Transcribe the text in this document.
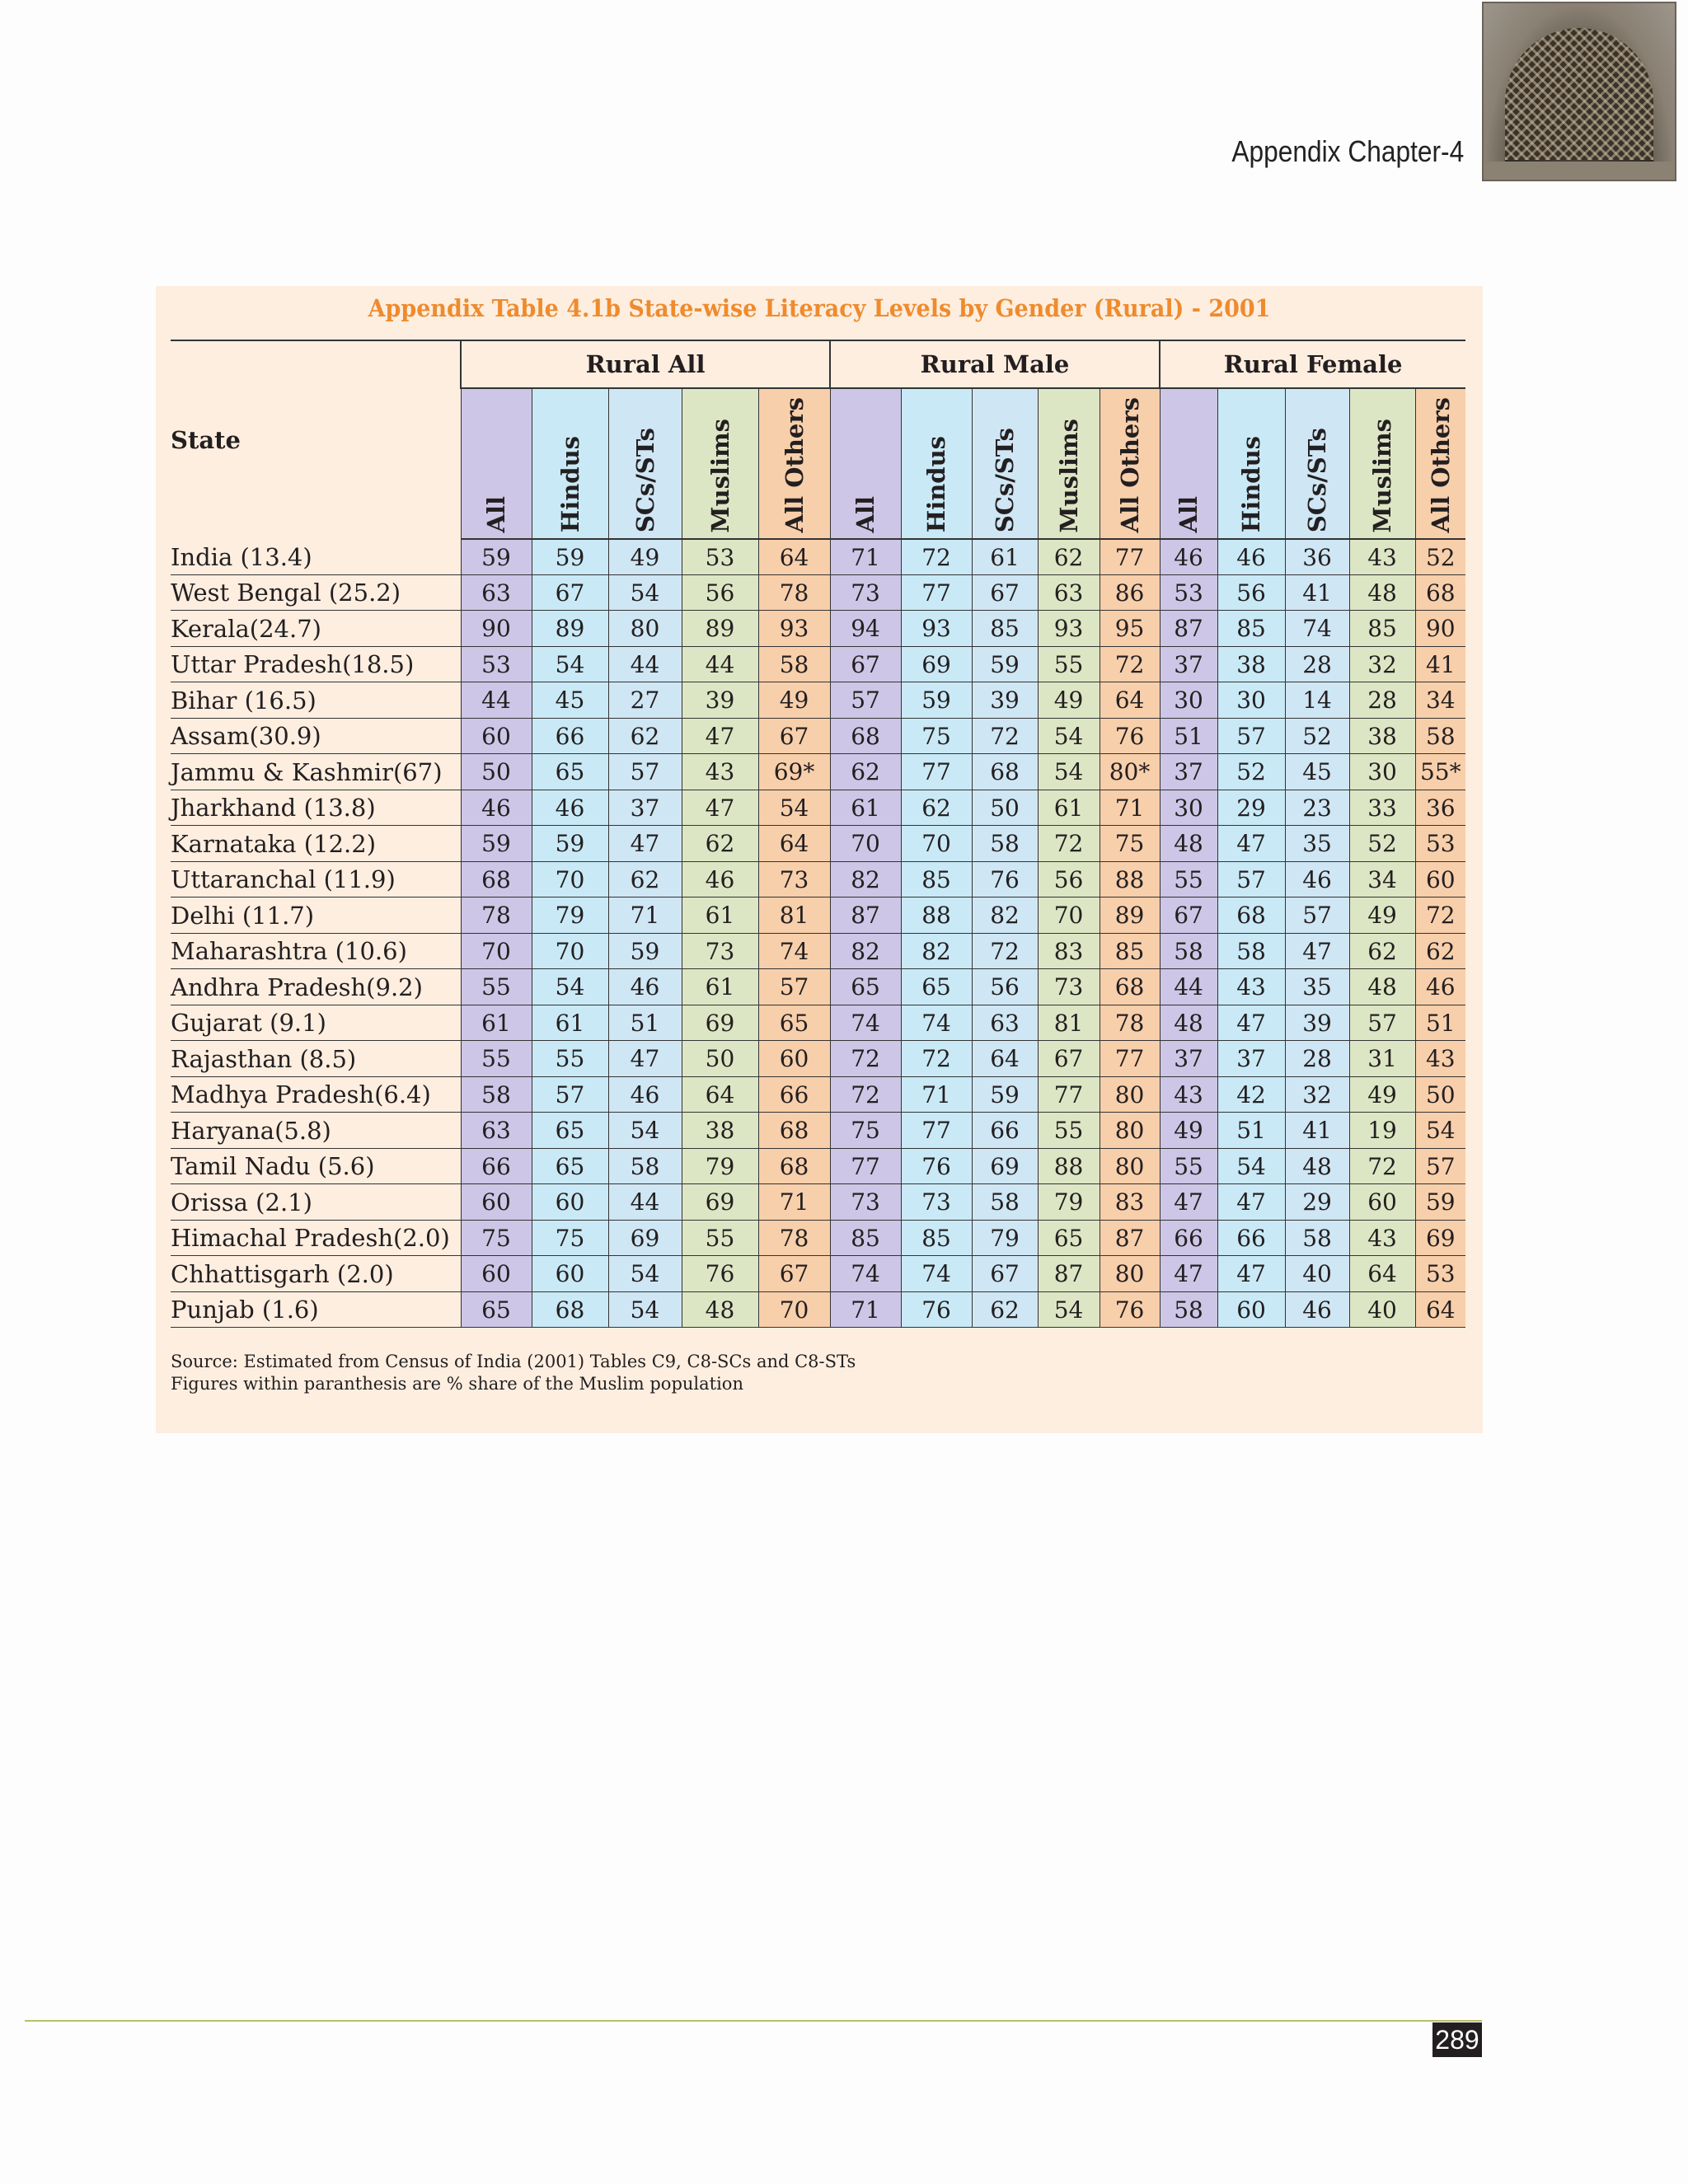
Appendix Chapter-4
Appendix Table 4.1b State-wise Literacy Levels by Gender (Rural) - 2001
	Rural All					Rural Male					Rural Female				
State	All	Hindus	SCs/STs	Muslims	All Others	All	Hindus	SCs/STs	Muslims	All Others	All	Hindus	SCs/STs	Muslims	All Others
India (13.4)	59	59	49	53	64	71	72	61	62	77	46	46	36	43	52
West Bengal (25.2)	63	67	54	56	78	73	77	67	63	86	53	56	41	48	68
Kerala(24.7)	90	89	80	89	93	94	93	85	93	95	87	85	74	85	90
Uttar Pradesh(18.5)	53	54	44	44	58	67	69	59	55	72	37	38	28	32	41
Bihar (16.5)	44	45	27	39	49	57	59	39	49	64	30	30	14	28	34
Assam(30.9)	60	66	62	47	67	68	75	72	54	76	51	57	52	38	58
Jammu & Kashmir(67)	50	65	57	43	69*	62	77	68	54	80*	37	52	45	30	55*
Jharkhand (13.8)	46	46	37	47	54	61	62	50	61	71	30	29	23	33	36
Karnataka (12.2)	59	59	47	62	64	70	70	58	72	75	48	47	35	52	53
Uttaranchal (11.9)	68	70	62	46	73	82	85	76	56	88	55	57	46	34	60
Delhi (11.7)	78	79	71	61	81	87	88	82	70	89	67	68	57	49	72
Maharashtra (10.6)	70	70	59	73	74	82	82	72	83	85	58	58	47	62	62
Andhra Pradesh(9.2)	55	54	46	61	57	65	65	56	73	68	44	43	35	48	46
Gujarat (9.1)	61	61	51	69	65	74	74	63	81	78	48	47	39	57	51
Rajasthan (8.5)	55	55	47	50	60	72	72	64	67	77	37	37	28	31	43
Madhya Pradesh(6.4)	58	57	46	64	66	72	71	59	77	80	43	42	32	49	50
Haryana(5.8)	63	65	54	38	68	75	77	66	55	80	49	51	41	19	54
Tamil Nadu (5.6)	66	65	58	79	68	77	76	69	88	80	55	54	48	72	57
Orissa (2.1)	60	60	44	69	71	73	73	58	79	83	47	47	29	60	59
Himachal Pradesh(2.0)	75	75	69	55	78	85	85	79	65	87	66	66	58	43	69
Chhattisgarh (2.0)	60	60	54	76	67	74	74	67	87	80	47	47	40	64	53
Punjab (1.6)	65	68	54	48	70	71	76	62	54	76	58	60	46	40	64
Source: Estimated from Census of India (2001) Tables C9, C8-SCs and C8-STs
Figures within paranthesis are % share of the Muslim population
289
